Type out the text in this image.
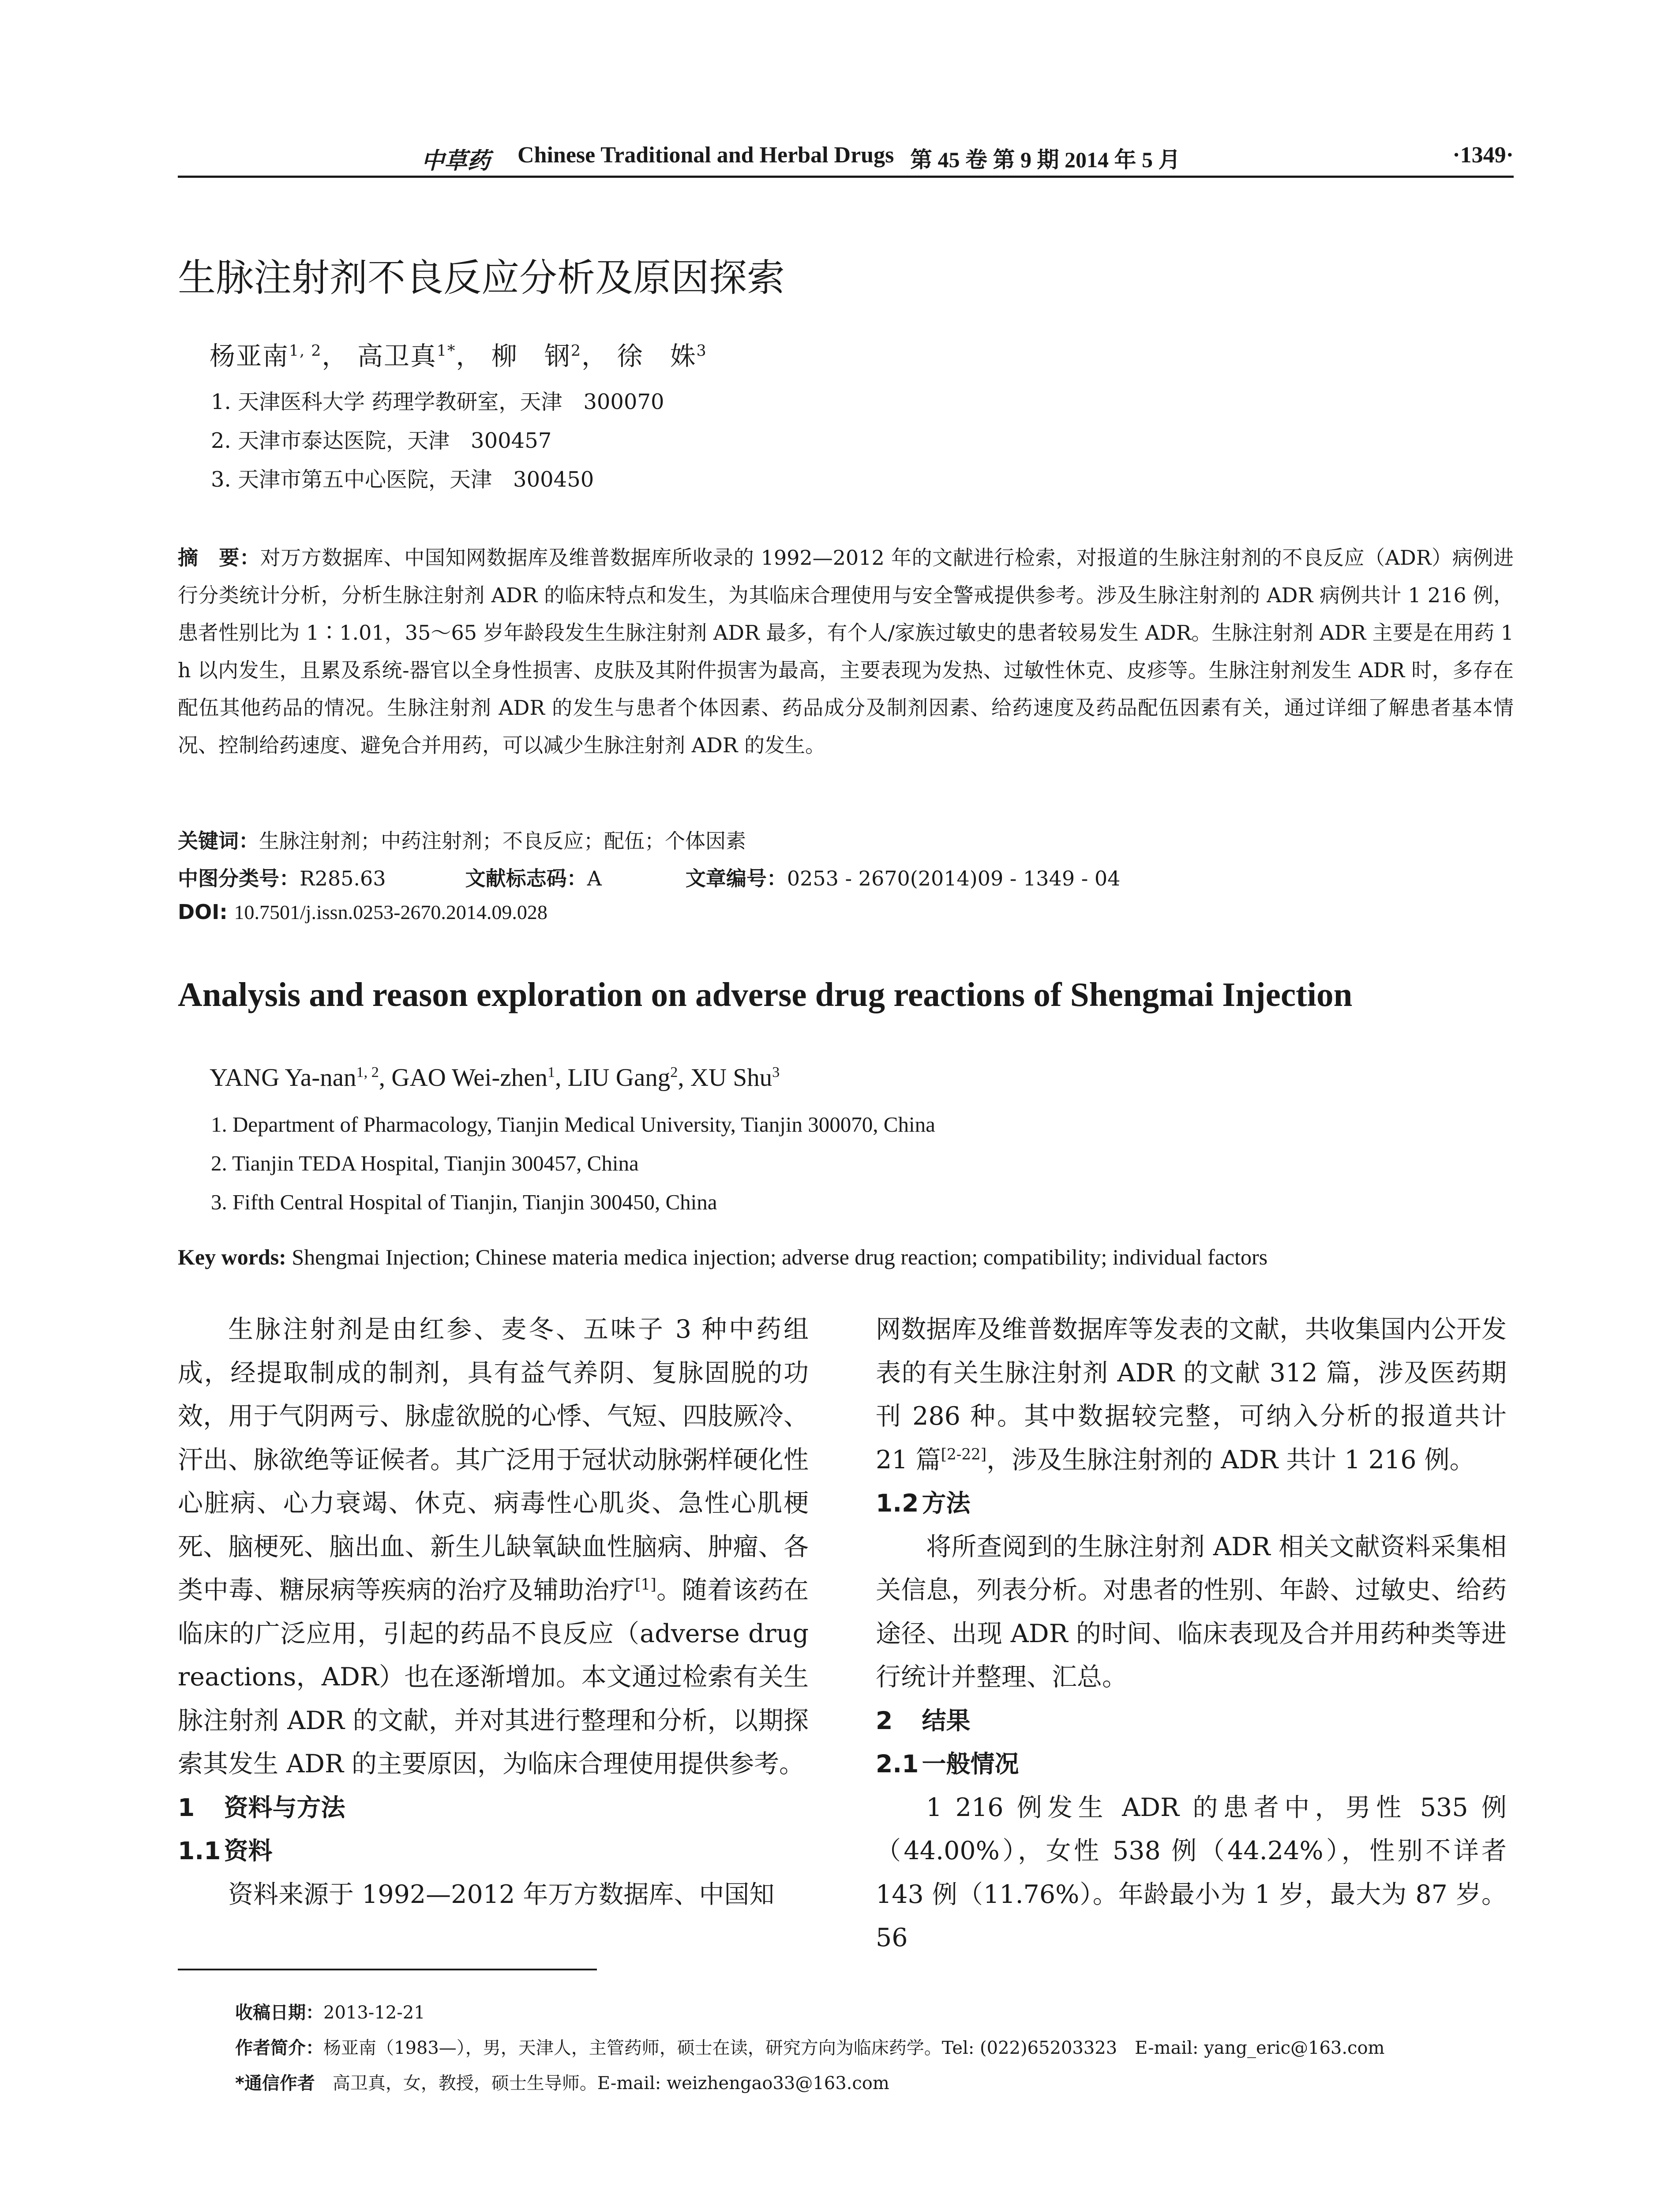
中草药 Chinese Traditional and Herbal Drugs 第 45 卷 第 9 期 2014 年 5 月	·1349·
生脉注射剂不良反应分析及原因探索
杨亚南$^{1, 2}$， 高卫真$^{1*}$， 柳　钢$^2$， 徐　姝$^3$
1. 天津医科大学 药理学教研室，天津　300070
2. 天津市泰达医院，天津　300457
3. 天津市第五中心医院，天津　300450
摘　要：对万方数据库、中国知网数据库及维普数据库所收录的 1992—2012 年的文献进行检索，对报道的生脉注射剂的不良反应（ADR）病例进行分类统计分析，分析生脉注射剂 ADR 的临床特点和发生，为其临床合理使用与安全警戒提供参考。涉及生脉注射剂的 ADR 病例共计 1 216 例，患者性别比为 1∶1.01，35～65 岁年龄段发生生脉注射剂 ADR 最多，有个人/家族过敏史的患者较易发生 ADR。生脉注射剂 ADR 主要是在用药 1 h 以内发生，且累及系统-器官以全身性损害、皮肤及其附件损害为最高，主要表现为发热、过敏性休克、皮疹等。生脉注射剂发生 ADR 时，多存在配伍其他药品的情况。生脉注射剂 ADR 的发生与患者个体因素、药品成分及制剂因素、给药速度及药品配伍因素有关，通过详细了解患者基本情况、控制给药速度、避免合并用药，可以减少生脉注射剂 ADR 的发生。
关键词：生脉注射剂；中药注射剂；不良反应；配伍；个体因素
中图分类号：R285.63	文献标志码：A	文章编号：0253 - 2670(2014)09 - 1349 - 04
DOI: 10.7501/j.issn.0253-2670.2014.09.028
Analysis and reason exploration on adverse drug reactions of Shengmai Injection
YANG Ya-nan$^{1, 2}$, GAO Wei-zhen$^1$, LIU Gang$^2$, XU Shu$^3$
1. Department of Pharmacology, Tianjin Medical University, Tianjin 300070, China
2. Tianjin TEDA Hospital, Tianjin 300457, China
3. Fifth Central Hospital of Tianjin, Tianjin 300450, China
Key words: Shengmai Injection; Chinese materia medica injection; adverse drug reaction; compatibility; individual factors

生脉注射剂是由红参、麦冬、五味子 3 种中药组成，经提取制成的制剂，具有益气养阴、复脉固脱的功效，用于气阴两亏、脉虚欲脱的心悸、气短、四肢厥冷、汗出、脉欲绝等证候者。其广泛用于冠状动脉粥样硬化性心脏病、心力衰竭、休克、病毒性心肌炎、急性心肌梗死、脑梗死、脑出血、新生儿缺氧缺血性脑病、肿瘤、各类中毒、糖尿病等疾病的治疗及辅助治疗[1]。随着该药在临床的广泛应用，引起的药品不良反应（adverse drug reactions，ADR）也在逐渐增加。本文通过检索有关生脉注射剂 ADR 的文献，并对其进行整理和分析，以期探索其发生 ADR 的主要原因，为临床合理使用提供参考。

1 资料与方法
1.1 资料

资料来源于 1992—2012 年万方数据库、中国知

网数据库及维普数据库等发表的文献，共收集国内公开发表的有关生脉注射剂 ADR 的文献 312 篇，涉及医药期刊 286 种。其中数据较完整，可纳入分析的报道共计 21 篇[2-22]，涉及生脉注射剂的 ADR 共计 1 216 例。

1.2 方法

将所查阅到的生脉注射剂 ADR 相关文献资料采集相关信息，列表分析。对患者的性别、年龄、过敏史、给药途径、出现 ADR 的时间、临床表现及合并用药种类等进行统计并整理、汇总。

2 结果
2.1 一般情况

1 216 例发生 ADR 的患者中，男性 535 例（44.00%），女性 538 例（44.24%），性别不详者 143 例（11.76%）。年龄最小为 1 岁，最大为 87 岁。56

收稿日期：2013-12-21
作者简介：杨亚南（1983—），男，天津人，主管药师，硕士在读，研究方向为临床药学。Tel: (022)65203323　E-mail: yang_eric@163.com
*通信作者 高卫真，女，教授，硕士生导师。E-mail: weizhengao33@163.com
